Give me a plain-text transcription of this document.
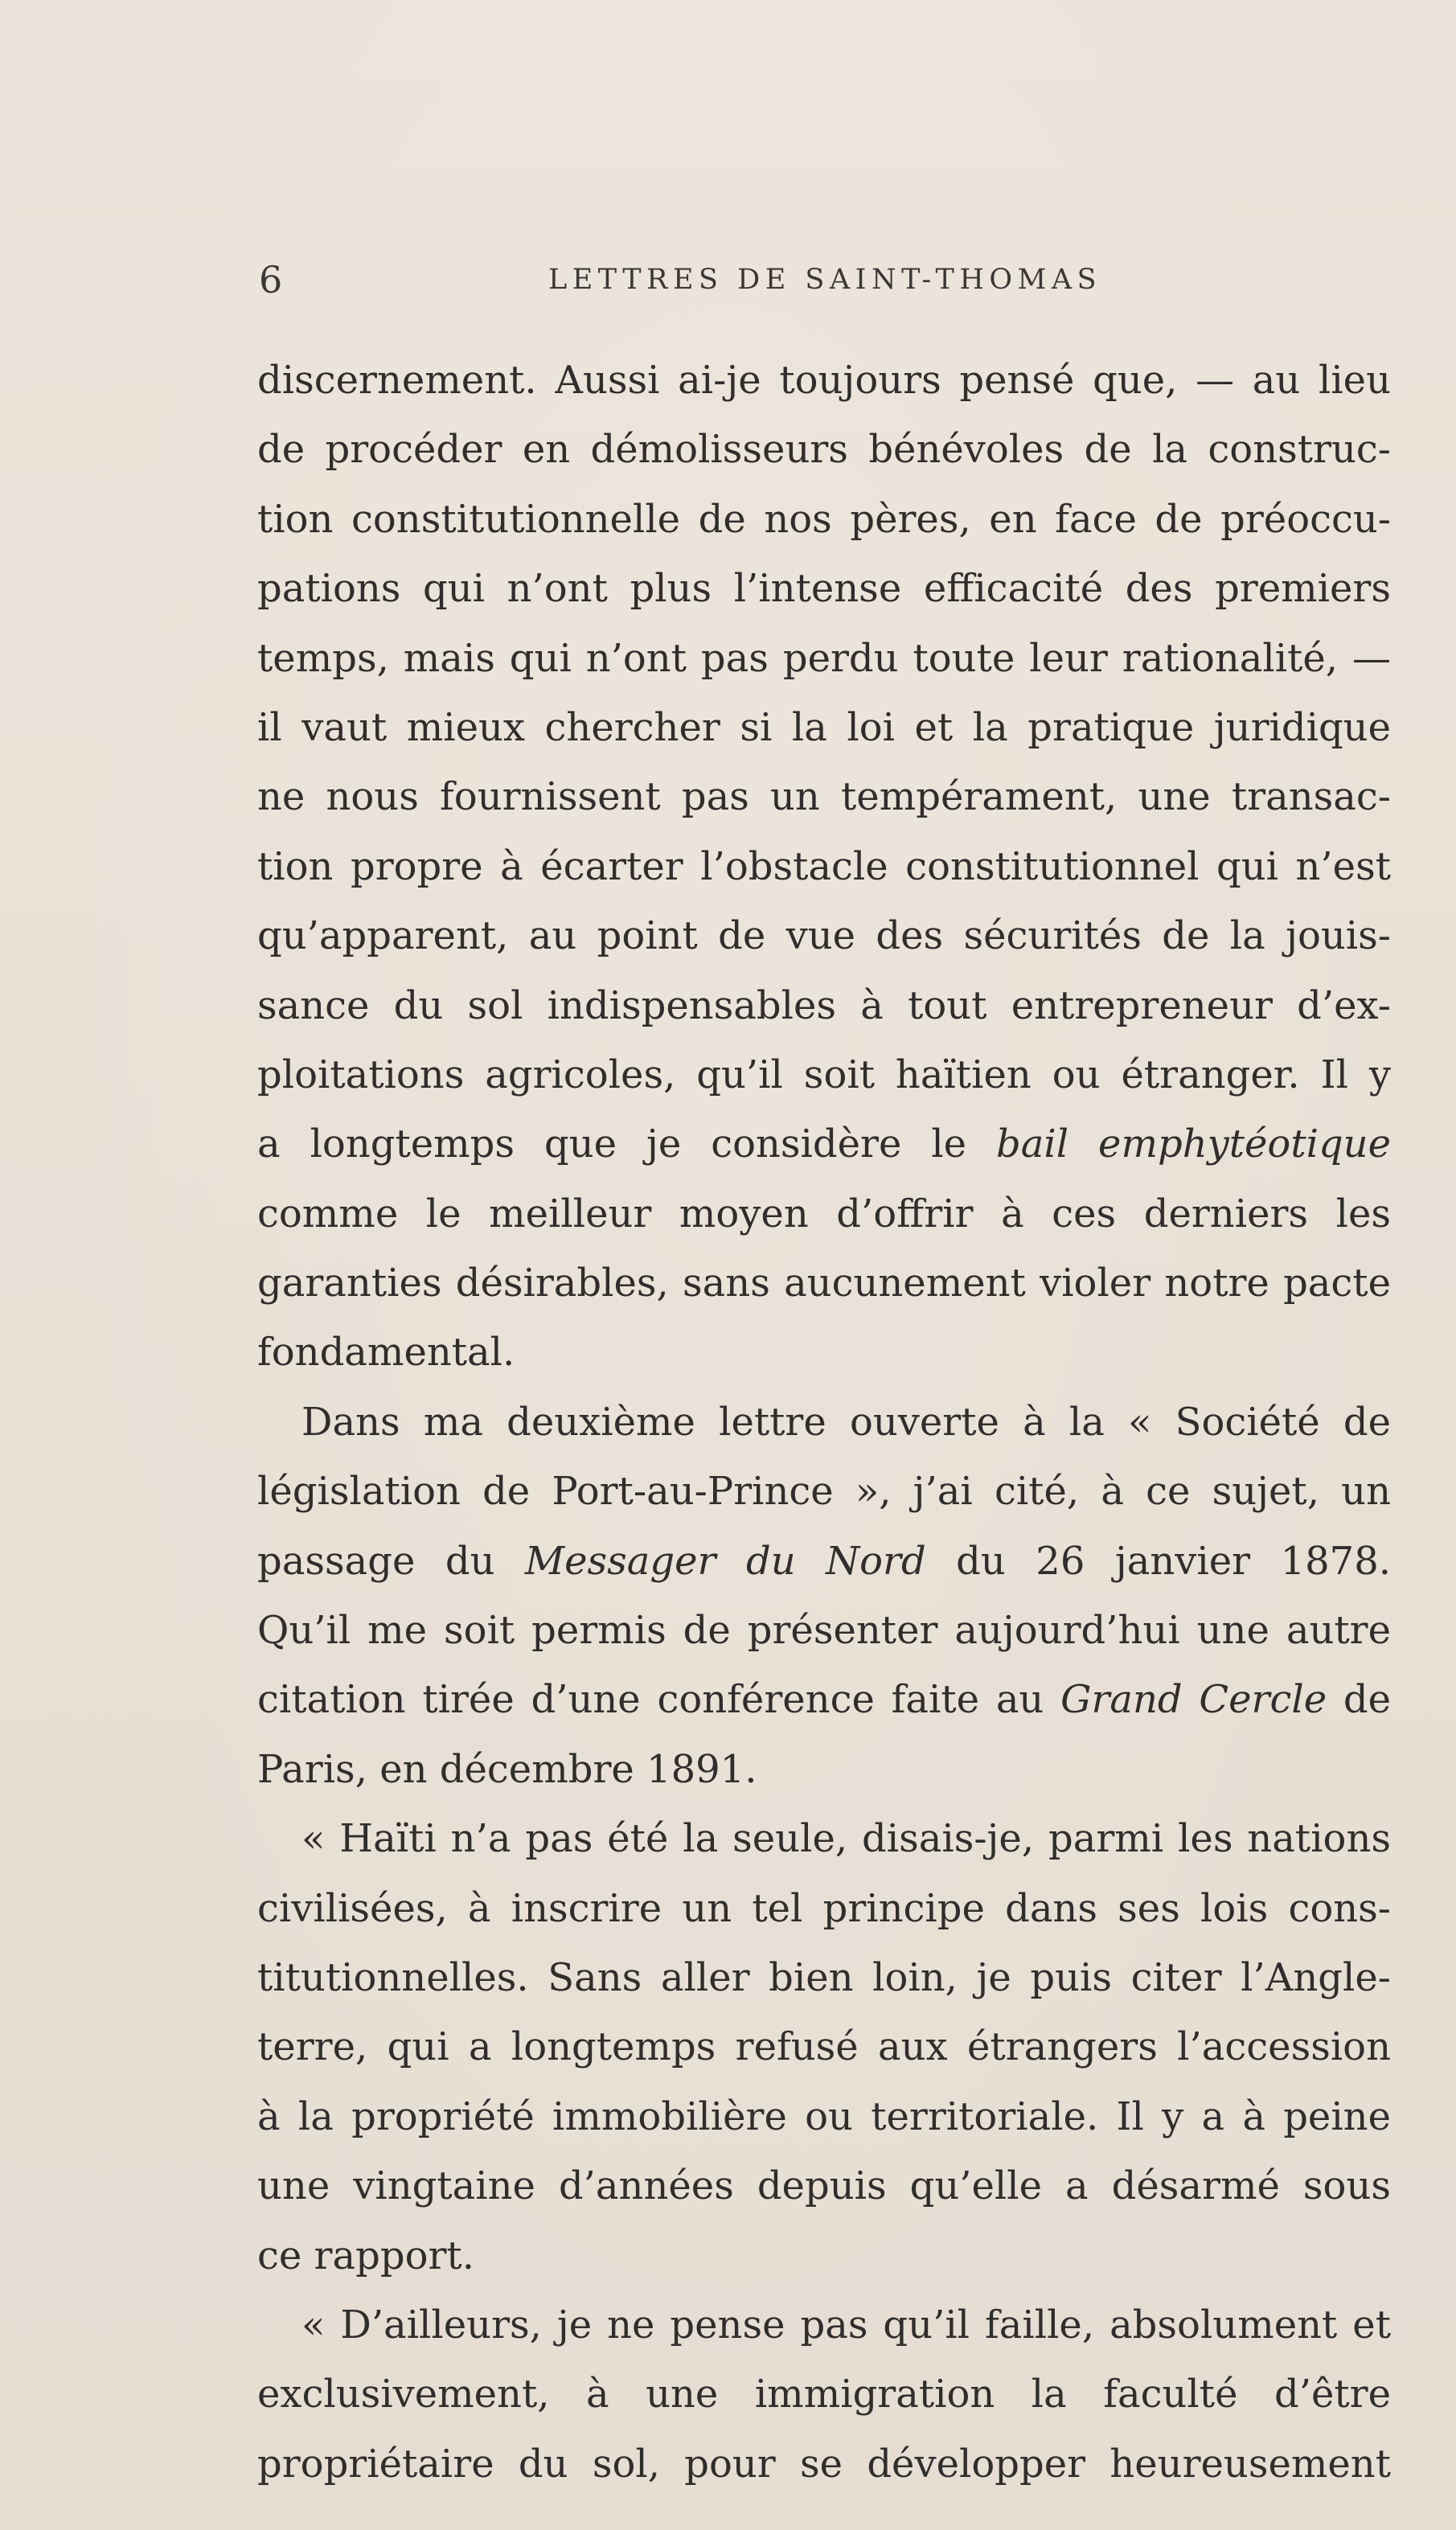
6	LETTRES DE SAINT-THOMAS
discernement. Aussi ai-je toujours pensé que, — au lieu
de procéder en démolisseurs bénévoles de la construc-
tion constitutionnelle de nos pères, en face de préoccu-
pations qui n’ont plus l’intense efficacité des premiers
temps, mais qui n’ont pas perdu toute leur rationalité, —
il vaut mieux chercher si la loi et la pratique juridique
ne nous fournissent pas un tempérament, une transac-
tion propre à écarter l’obstacle constitutionnel qui n’est
qu’apparent, au point de vue des sécurités de la jouis-
sance du sol indispensables à tout entrepreneur d’ex-
ploitations agricoles, qu’il soit haïtien ou étranger. Il y
a longtemps que je considère le bail emphytéotique
comme le meilleur moyen d’offrir à ces derniers les
garanties désirables, sans aucunement violer notre pacte
fondamental.
Dans ma deuxième lettre ouverte à la « Société de
législation de Port-au-Prince », j’ai cité, à ce sujet, un
passage du Messager du Nord du 26 janvier 1878.
Qu’il me soit permis de présenter aujourd’hui une autre
citation tirée d’une conférence faite au Grand Cercle de
Paris, en décembre 1891.
« Haïti n’a pas été la seule, disais-je, parmi les nations
civilisées, à inscrire un tel principe dans ses lois cons-
titutionnelles. Sans aller bien loin, je puis citer l’Angle-
terre, qui a longtemps refusé aux étrangers l’accession
à la propriété immobilière ou territoriale. Il y a à peine
une vingtaine d’années depuis qu’elle a désarmé sous
ce rapport.
« D’ailleurs, je ne pense pas qu’il faille, absolument et
exclusivement, à une immigration la faculté d’être
propriétaire du sol, pour se développer heureusement
